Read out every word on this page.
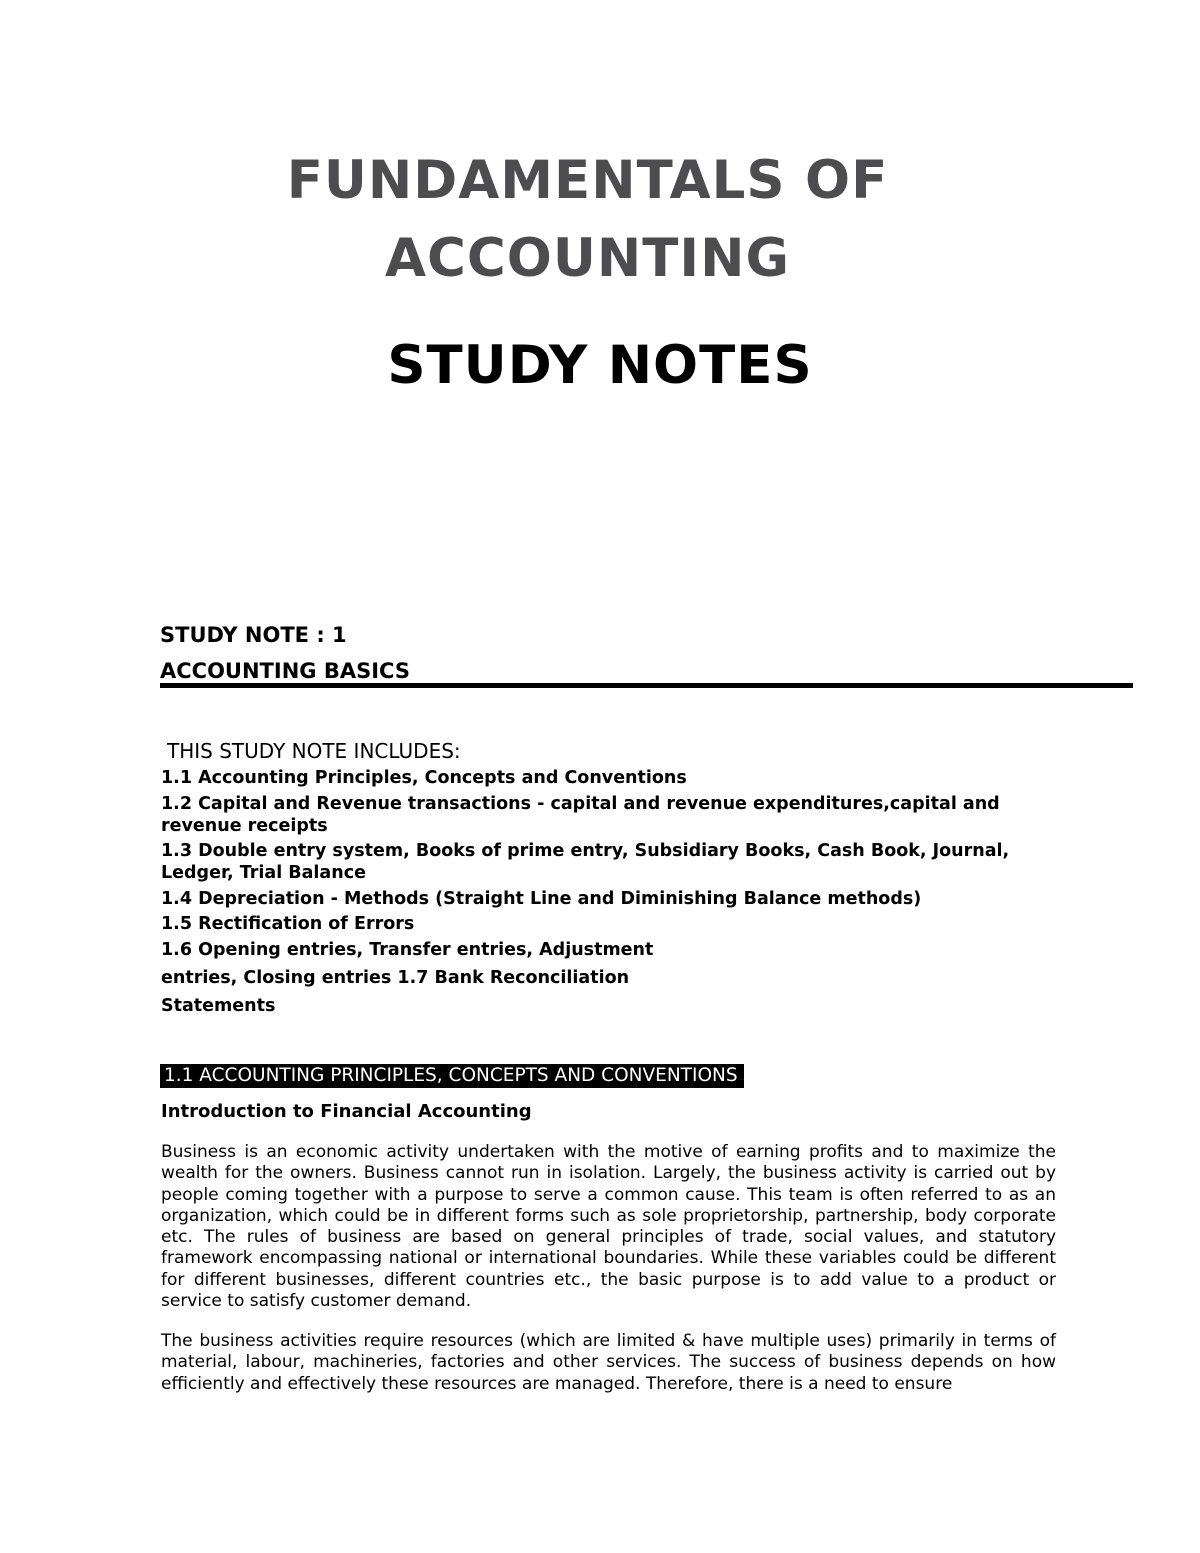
FUNDAMENTALS OF
ACCOUNTING
STUDY NOTES

STUDY NOTE : 1

ACCOUNTING BASICS

THIS STUDY NOTE INCLUDES:

1.1 Accounting Principles, Concepts and Conventions
1.2 Capital and Revenue transactions - capital and revenue expenditures,capital and revenue receipts
1.3 Double entry system, Books of prime entry, Subsidiary Books, Cash Book, Journal, Ledger, Trial Balance
1.4 Depreciation - Methods (Straight Line and Diminishing Balance methods)
1.5 Rectification of Errors
1.6 Opening entries, Transfer entries, Adjustment
entries, Closing entries 1.7 Bank Reconciliation
Statements

1.1 ACCOUNTING PRINCIPLES, CONCEPTS AND CONVENTIONS

Introduction to Financial Accounting

Business is an economic activity undertaken with the motive of earning profits and to maximize the wealth for the owners. Business cannot run in isolation. Largely, the business activity is carried out by people coming together with a purpose to serve a common cause. This team is often referred to as an organization, which could be in different forms such as sole proprietorship, partnership, body corporate etc. The rules of business are based on general principles of trade, social values, and statutory framework encompassing national or international boundaries. While these variables could be different for different businesses, different countries etc., the basic purpose is to add value to a product or service to satisfy customer demand.

The business activities require resources (which are limited & have multiple uses) primarily in terms of material, labour, machineries, factories and other services. The success of business depends on how efficiently and effectively these resources are managed. Therefore, there is a need to ensure
